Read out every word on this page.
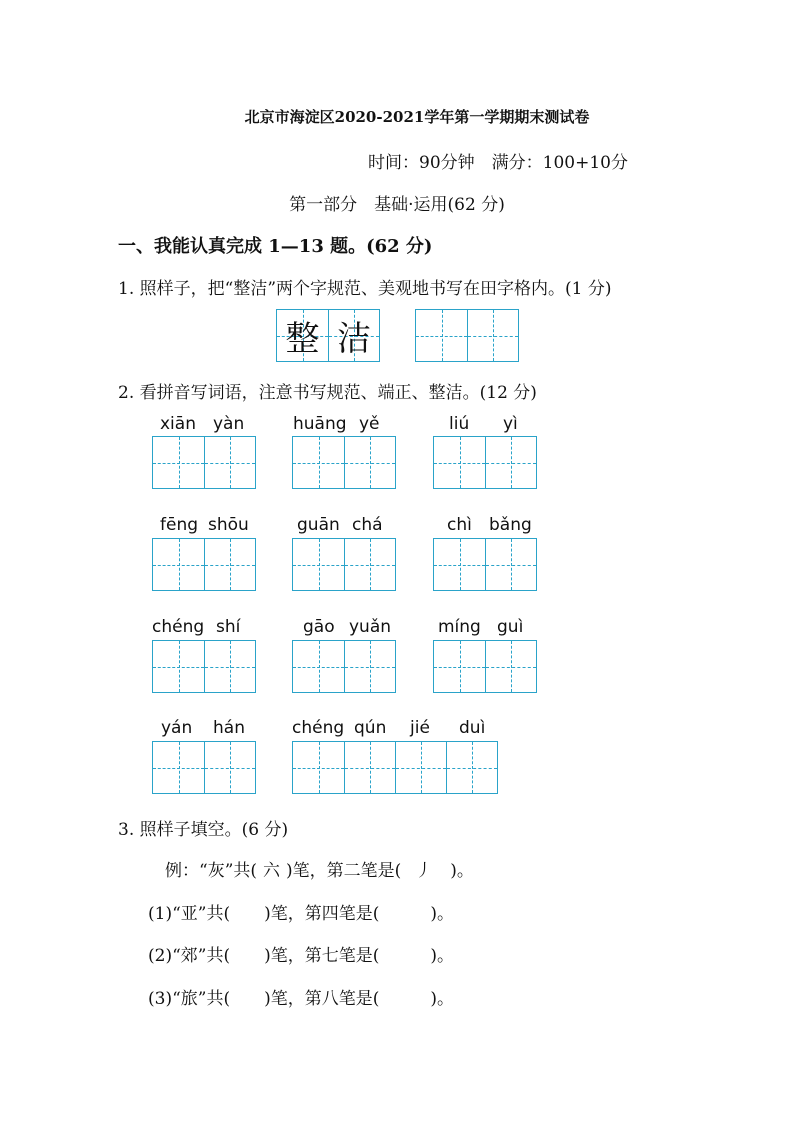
北京市海淀区2020-2021学年第一学期期末测试卷
时间：90分钟　满分：100+10分
第一部分　基础·运用(62 分)
一、我能认真完成 1—13 题。(62 分)
1. 照样子，把“整洁”两个字规范、美观地书写在田字格内。(1 分)
整 洁
2. 看拼音写词语，注意书写规范、端正、整洁。(12 分)
xiān yàn	huāng yě	liú yì
fēng shōu	guān chá	chì bǎng
chéng shí	gāo yuǎn	míng guì
yán hán	chéng qún jié duì
3. 照样子填空。(6 分)
例：“灰”共( 六 )笔，第二笔是( 丿 )。
(1)“亚”共(　　)笔，第四笔是(　　　)。
(2)“郊”共(　　)笔，第七笔是(　　　)。
(3)“旅”共(　　)笔，第八笔是(　　　)。
